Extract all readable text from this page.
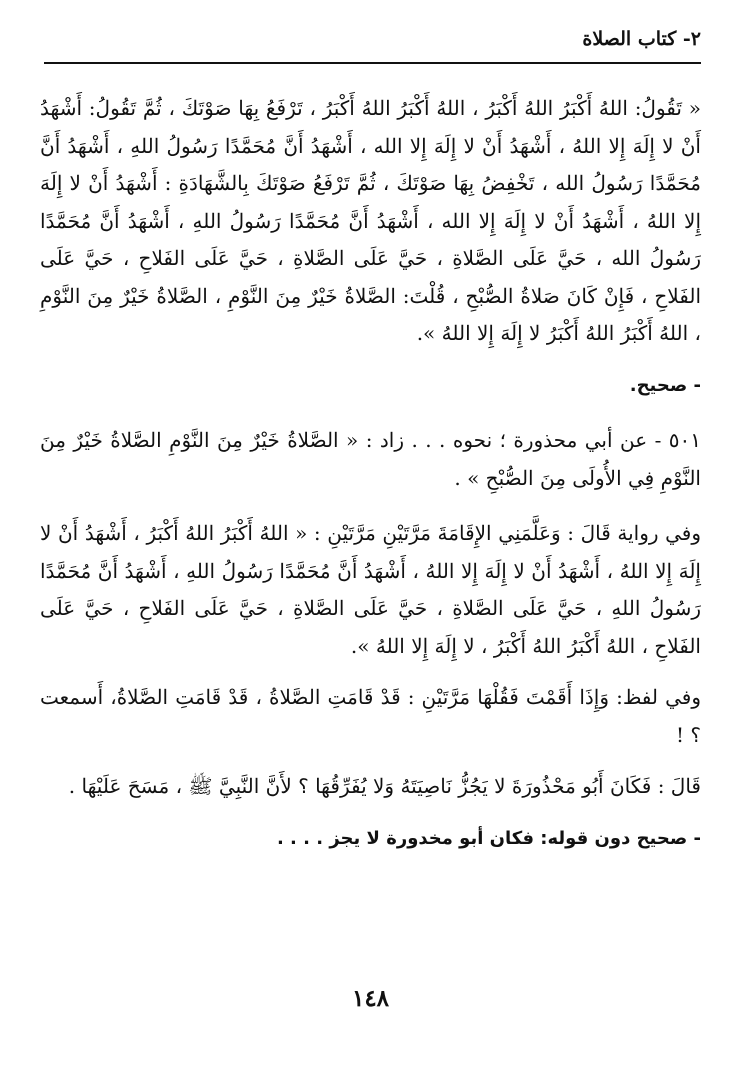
٢- كتاب الصلاة

« تَقُولُ: اللهُ أَكْبَرُ اللهُ أَكْبَرُ ، اللهُ أَكْبَرُ اللهُ أَكْبَرُ ، تَرْفَعُ بِهَا صَوْتَكَ ، ثُمَّ تَقُولُ: أَشْهَدُ أَنْ لا إِلَهَ إِلا اللهُ ، أَشْهَدُ أَنْ لا إِلَهَ إِلا الله ، أَشْهَدُ أَنَّ مُحَمَّدًا رَسُولُ اللهِ ، أَشْهَدُ أَنَّ مُحَمَّدًا رَسُولُ الله ، تَخْفِضُ بِهَا صَوْتَكَ ، ثُمَّ تَرْفَعُ صَوْتَكَ بِالشَّهَادَةِ : أَشْهَدُ أَنْ لا إِلَهَ إِلا اللهُ ، أَشْهَدُ أَنْ لا إِلَهَ إِلا الله ، أَشْهَدُ أَنَّ مُحَمَّدًا رَسُولُ اللهِ ، أَشْهَدُ أَنَّ مُحَمَّدًا رَسُولُ الله ، حَيَّ عَلَى الصَّلاةِ ، حَيَّ عَلَى الصَّلاةِ ، حَيَّ عَلَى الفَلاحِ ، حَيَّ عَلَى الفَلاحِ ، فَإِنْ كَانَ صَلاةُ الصُّبْحِ ، قُلْتَ: الصَّلاةُ خَيْرٌ مِنَ النَّوْمِ ، الصَّلاةُ خَيْرٌ مِنَ النَّوْمِ ، اللهُ أَكْبَرُ اللهُ أَكْبَرُ لا إِلَهَ إِلا اللهُ ».

- صحيح.

٥٠١ - عن أبي محذورة ؛ نحوه . . . زاد : « الصَّلاةُ خَيْرٌ مِنَ النَّوْمِ الصَّلاةُ خَيْرٌ مِنَ النَّوْمِ فِي الأُولَى مِنَ الصُّبْحِ » .

وفي رواية قَالَ : وَعَلَّمَنِي الإِقَامَةَ مَرَّتَيْنِ مَرَّتَيْنِ : « اللهُ أَكْبَرُ اللهُ أَكْبَرُ ، أَشْهَدُ أَنْ لا إِلَهَ إِلا اللهُ ، أَشْهَدُ أَنْ لا إِلَهَ إِلا اللهُ ، أَشْهَدُ أَنَّ مُحَمَّدًا رَسُولُ اللهِ ، أَشْهَدُ أَنَّ مُحَمَّدًا رَسُولُ اللهِ ، حَيَّ عَلَى الصَّلاةِ ، حَيَّ عَلَى الصَّلاةِ ، حَيَّ عَلَى الفَلاحِ ، حَيَّ عَلَى الفَلاحِ ، اللهُ أَكْبَرُ اللهُ أَكْبَرُ ، لا إِلَهَ إِلا اللهُ ».

وفي لفظ: وَإِذَا أَقَمْتَ فَقُلْهَا مَرَّتَيْنِ : قَدْ قَامَتِ الصَّلاةُ ، قَدْ قَامَتِ الصَّلاةُ، أَسمعت ؟ !

قَالَ : فَكَانَ أَبُو مَحْذُورَةَ لا يَجُزُّ نَاصِيَتَهُ وَلا يُفَرِّقُهَا ؟ لأَنَّ النَّبِيَّ ﷺ ، مَسَحَ عَلَيْهَا .

- صحيح دون قوله: فكان أبو مخدورة لا يجز . . . .

١٤٨
